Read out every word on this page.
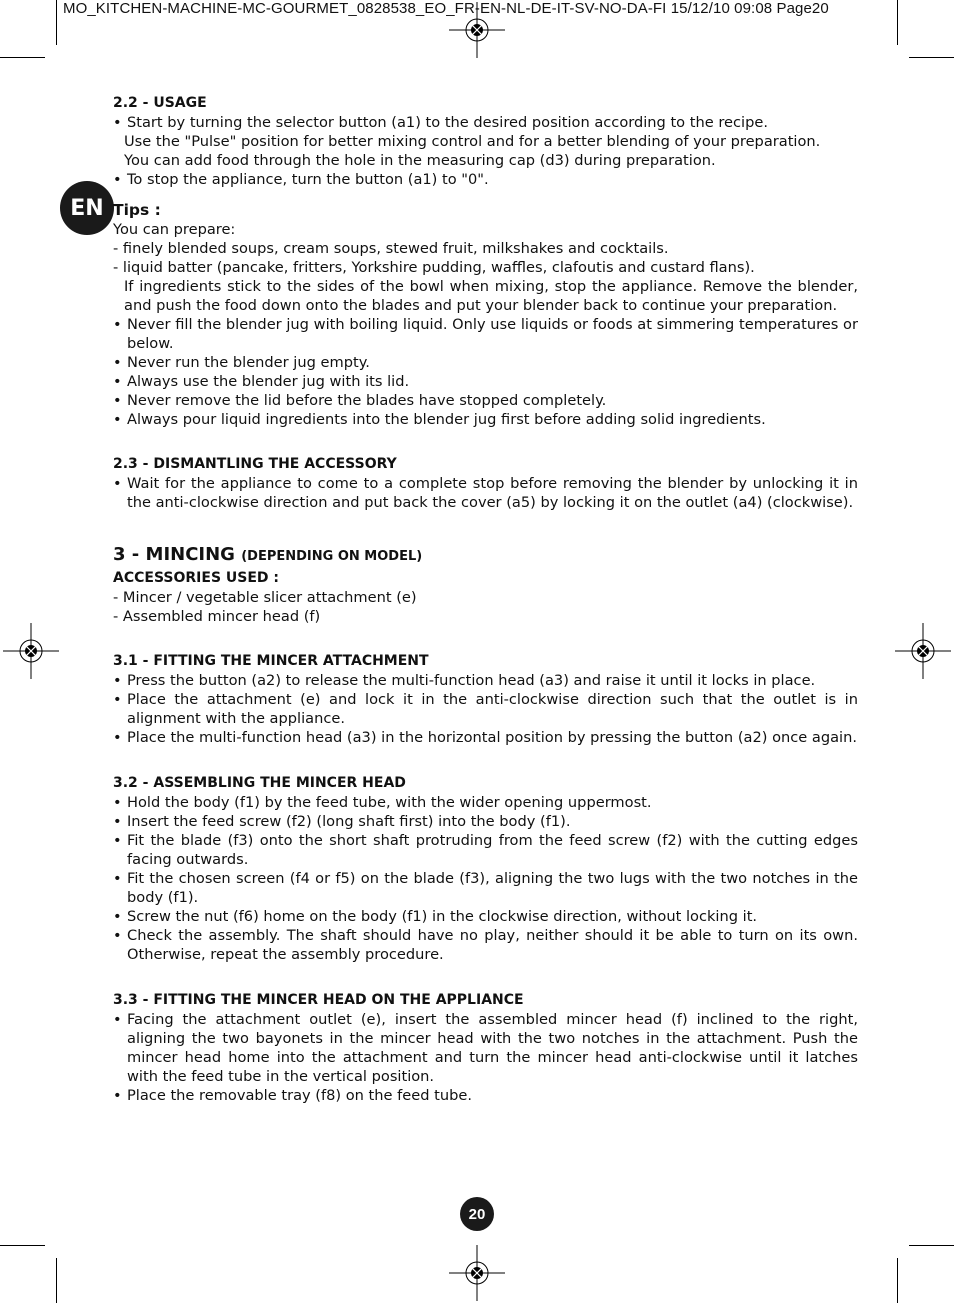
MO_KITCHEN-MACHINE-MC-GOURMET_0828538_EO_FR-EN-NL-DE-IT-SV-NO-DA-FI 15/12/10 09:08 Page20
EN

2.2 - USAGE

• Start by turning the selector button (a1) to the desired position according to the recipe.
Use the "Pulse" position for better mixing control and for a better blending of your preparation.
You can add food through the hole in the measuring cap (d3) during preparation.
• To stop the appliance, turn the button (a1) to "0".

Tips :

You can prepare:

- finely blended soups, cream soups, stewed fruit, milkshakes and cocktails.

- liquid batter (pancake, fritters, Yorkshire pudding, waffles, clafoutis and custard flans).

If ingredients stick to the sides of the bowl when mixing, stop the appliance. Remove the blender, and push the food down onto the blades and put your blender back to continue your preparation.

• Never fill the blender jug with boiling liquid. Only use liquids or foods at simmering temperatures or below.
• Never run the blender jug empty.
• Always use the blender jug with its lid.
• Never remove the lid before the blades have stopped completely.
• Always pour liquid ingredients into the blender jug first before adding solid ingredients.

2.3 - DISMANTLING THE ACCESSORY

• Wait for the appliance to come to a complete stop before removing the blender by unlocking it in the anti-clockwise direction and put back the cover (a5) by locking it on the outlet (a4) (clockwise).

3 - MINCING (DEPENDING ON MODEL)

ACCESSORIES USED :

- Mincer / vegetable slicer attachment (e)

- Assembled mincer head (f)

3.1 - FITTING THE MINCER ATTACHMENT

• Press the button (a2) to release the multi-function head (a3) and raise it until it locks in place.
• Place the attachment (e) and lock it in the anti-clockwise direction such that the outlet is in alignment with the appliance.
• Place the multi-function head (a3) in the horizontal position by pressing the button (a2) once again.

3.2 - ASSEMBLING THE MINCER HEAD

• Hold the body (f1) by the feed tube, with the wider opening uppermost.
• Insert the feed screw (f2) (long shaft first) into the body (f1).
• Fit the blade (f3) onto the short shaft protruding from the feed screw (f2) with the cutting edges facing outwards.
• Fit the chosen screen (f4 or f5) on the blade (f3), aligning the two lugs with the two notches in the body (f1).
• Screw the nut (f6) home on the body (f1) in the clockwise direction, without locking it.
• Check the assembly. The shaft should have no play, neither should it be able to turn on its own. Otherwise, repeat the assembly procedure.

3.3 - FITTING THE MINCER HEAD ON THE APPLIANCE

• Facing the attachment outlet (e), insert the assembled mincer head (f) inclined to the right, aligning the two bayonets in the mincer head with the two notches in the attachment. Push the mincer head home into the attachment and turn the mincer head anti-clockwise until it latches with the feed tube in the vertical position.
• Place the removable tray (f8) on the feed tube.
20
